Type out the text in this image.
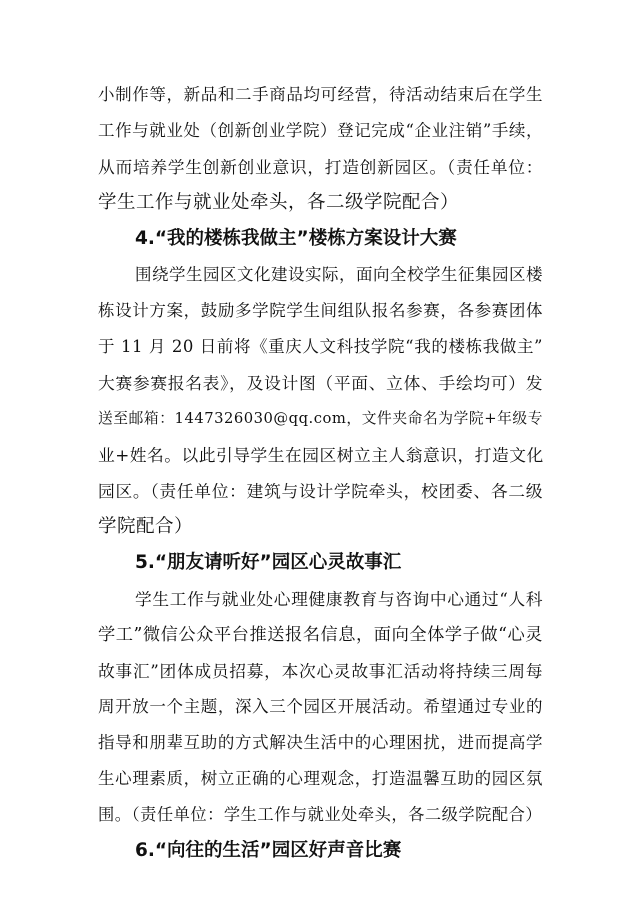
小制作等，新品和二手商品均可经营，待活动结束后在学生
工作与就业处（创新创业学院）登记完成“企业注销”手续，
从而培养学生创新创业意识，打造创新园区。（责任单位：
学生工作与就业处牵头，各二级学院配合）
4.“我的楼栋我做主”楼栋方案设计大赛
围绕学生园区文化建设实际，面向全校学生征集园区楼
栋设计方案，鼓励多学院学生间组队报名参赛，各参赛团体
于 11 月 20 日前将《重庆人文科技学院“我的楼栋我做主”
大赛参赛报名表》，及设计图（平面、立体、手绘均可）发
送至邮箱：1447326030@qq.com，文件夹命名为学院+年级专
业+姓名。以此引导学生在园区树立主人翁意识，打造文化
园区。（责任单位：建筑与设计学院牵头，校团委、各二级
学院配合）
5.“朋友请听好”园区心灵故事汇
学生工作与就业处心理健康教育与咨询中心通过“人科
学工”微信公众平台推送报名信息，面向全体学子做“心灵
故事汇”团体成员招募，本次心灵故事汇活动将持续三周每
周开放一个主题，深入三个园区开展活动。希望通过专业的
指导和朋辈互助的方式解决生活中的心理困扰，进而提高学
生心理素质，树立正确的心理观念，打造温馨互助的园区氛
围。（责任单位：学生工作与就业处牵头，各二级学院配合）
6.“向往的生活”园区好声音比赛
